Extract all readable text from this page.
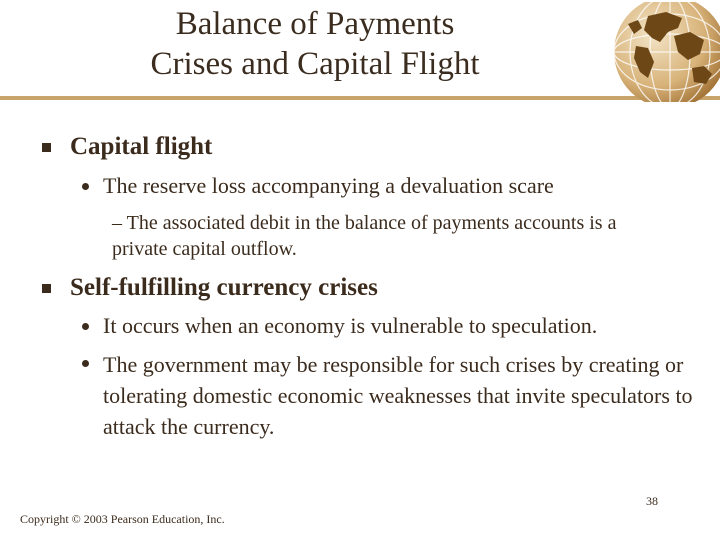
Balance of Payments
Crises and Capital Flight
Capital flight
The reserve loss accompanying a devaluation scare
– The associated debit in the balance of payments accounts is a private capital outflow.
Self-fulfilling currency crises
It occurs when an economy is vulnerable to speculation.
The government may be responsible for such crises by creating or tolerating domestic economic weaknesses that invite speculators to attack the currency.
38
Copyright © 2003 Pearson Education, Inc.
